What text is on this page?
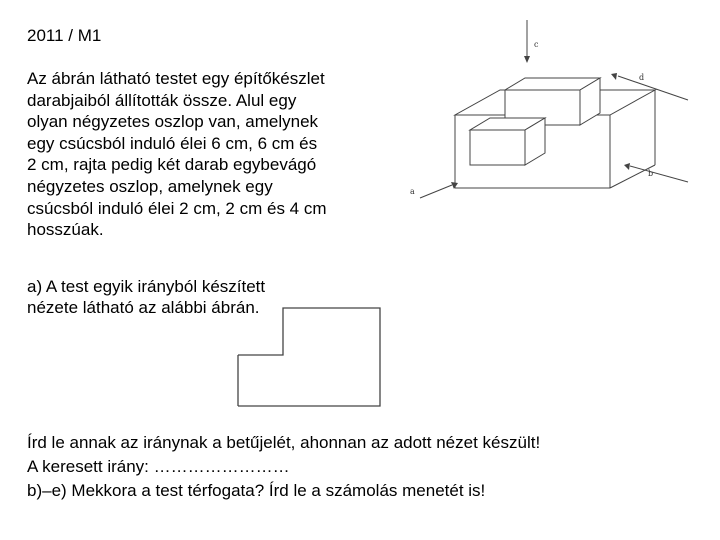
2011 / M1
Az ábrán látható testet egy építőkészlet
darabjaiból állították össze. Alul egy
olyan négyzetes oszlop van, amelynek
egy csúcsból induló élei 6 cm, 6 cm és
2 cm, rajta pedig két darab egybevágó
négyzetes oszlop, amelynek egy
csúcsból induló élei 2 cm, 2 cm és 4 cm
hosszúak.
a) A test egyik irányból készített
nézete látható az alábbi ábrán.
Írd le annak az iránynak a betűjelét, ahonnan az adott nézet készült!
A keresett irány: ……………………
b)–e) Mekkora a test térfogata? Írd le a számolás menetét is!
c
d
b
a
